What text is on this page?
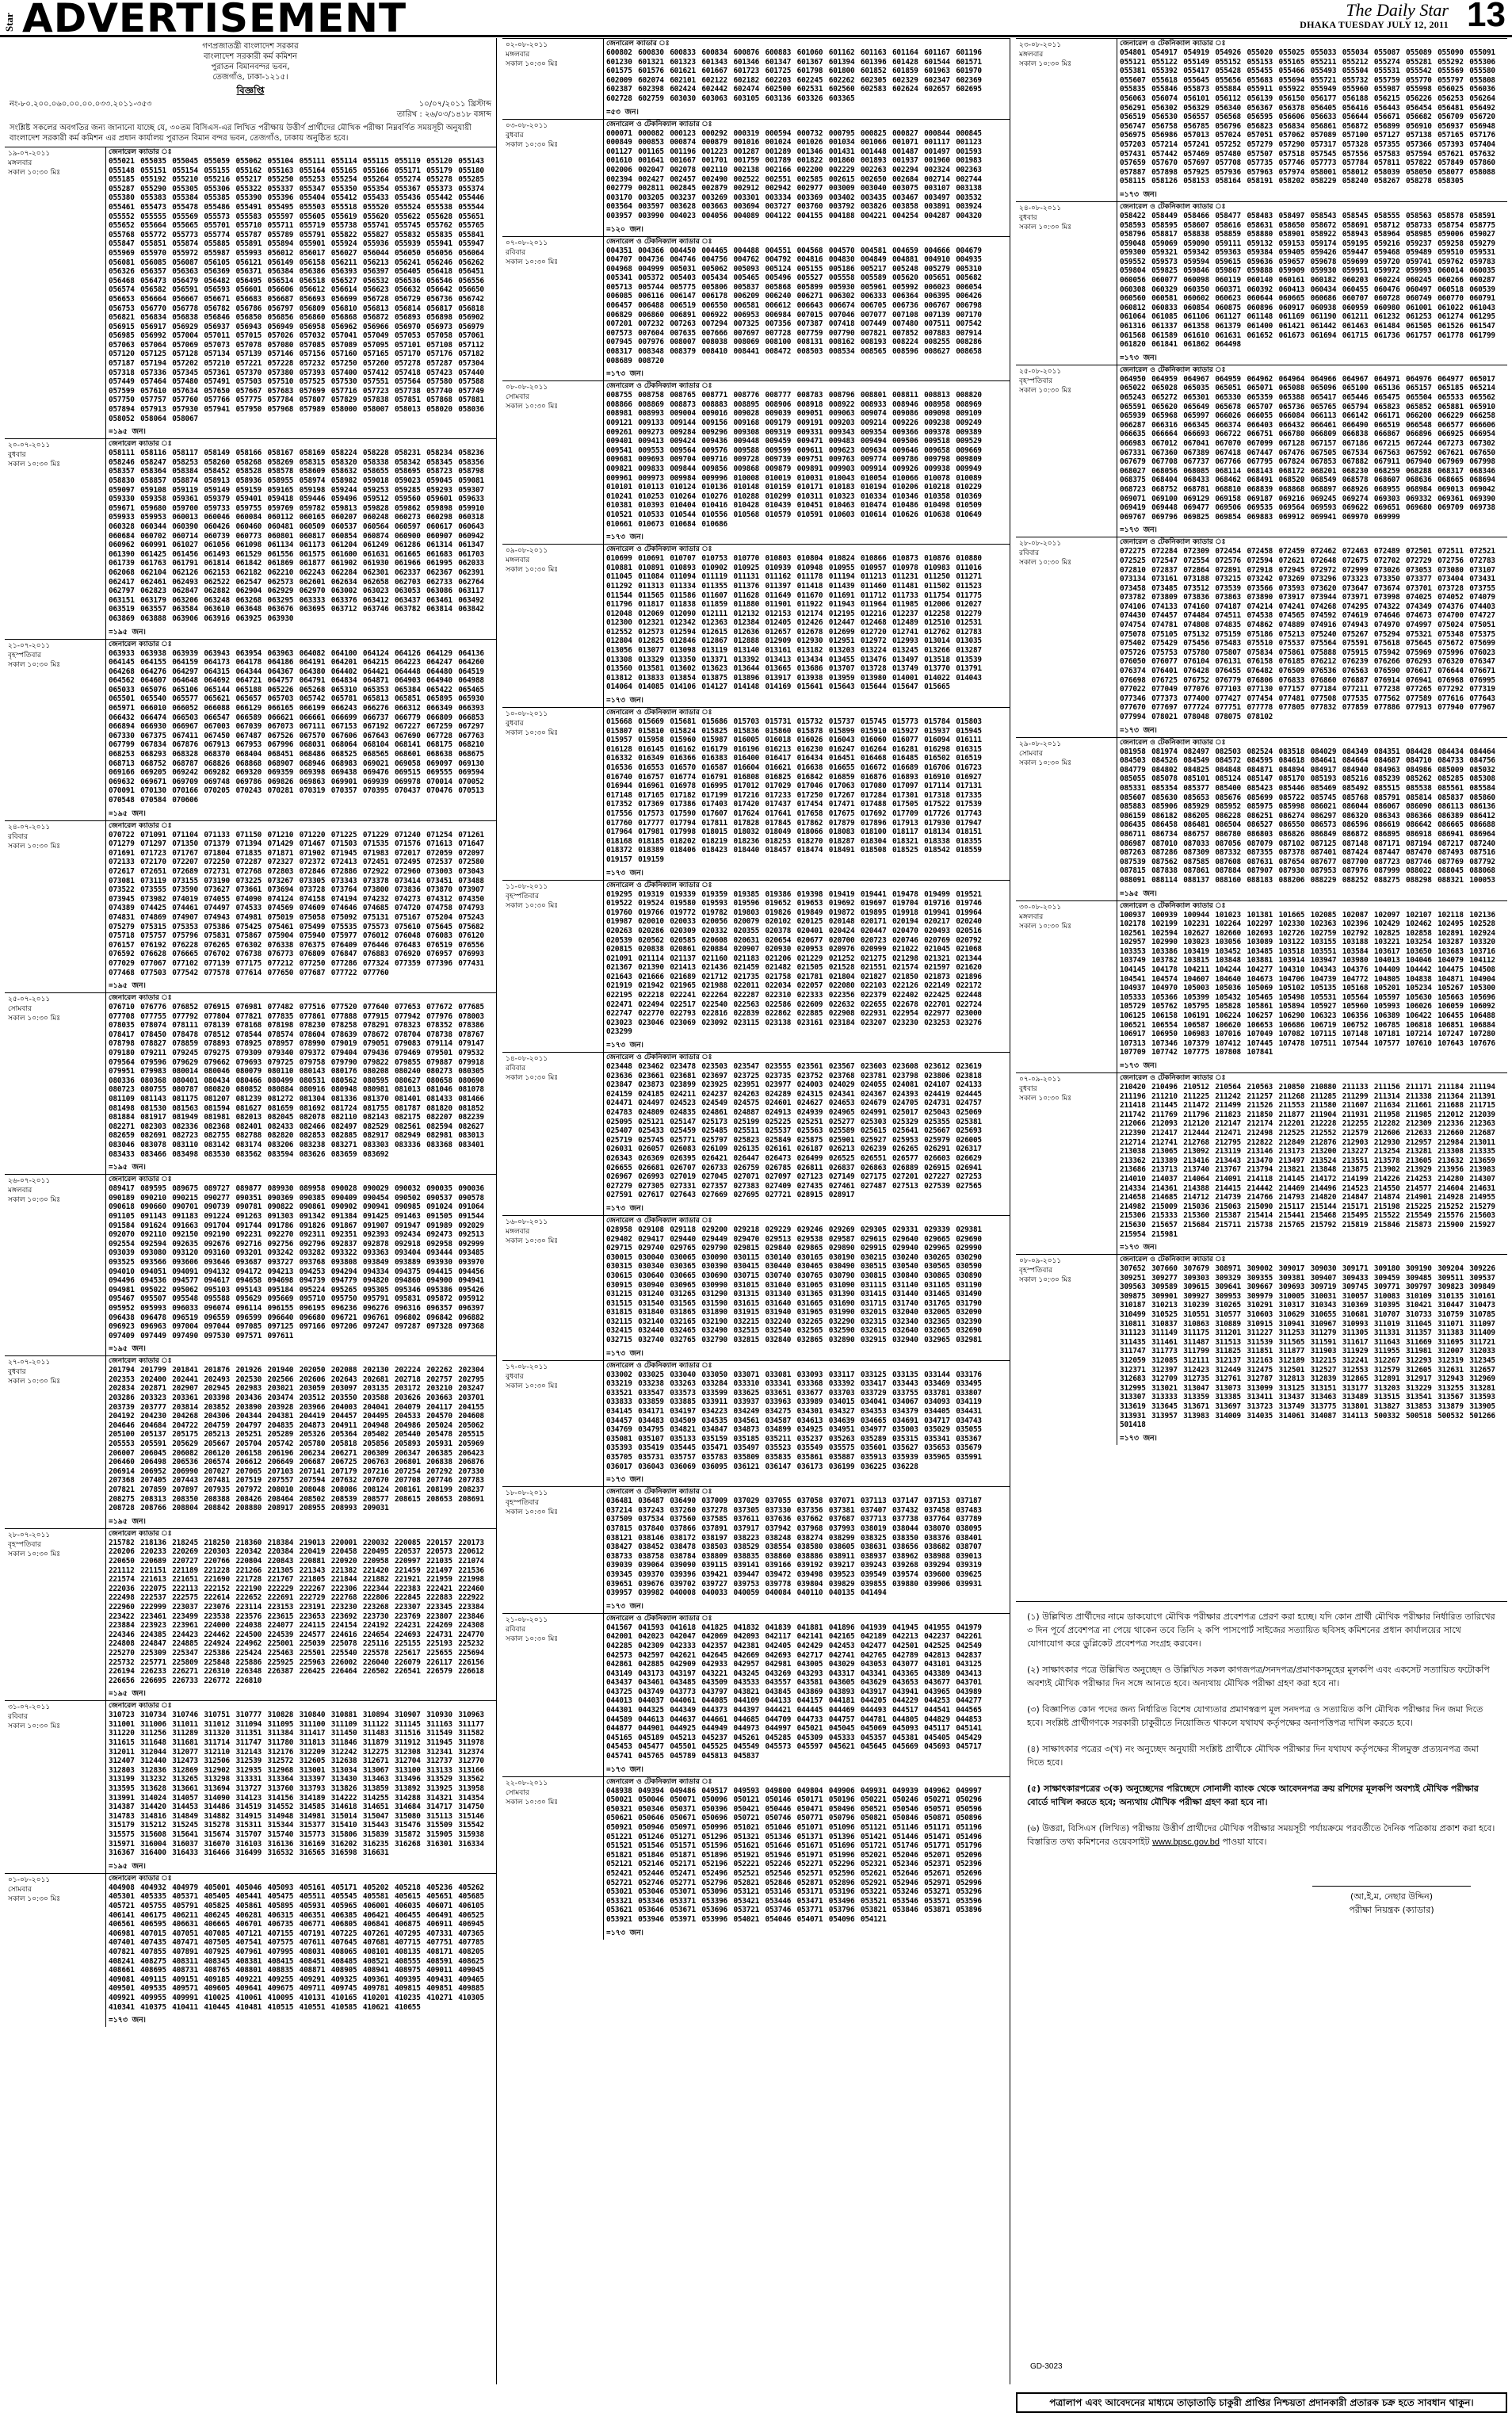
Star ADVERTISEMENT	The Daily Star
DHAKA TUESDAY JULY 12, 2011 13
গণপ্রজাতন্ত্রী বাংলাদেশ সরকার
বাংলাদেশ সরকারী কর্ম কমিশন
পুরাতন বিমানবন্দর ভবন,
তেজগাঁও, ঢাকা-১২১৫।
বিজ্ঞপ্তি
নং-৮০.২০০.০৬০.০০.০০.০৩৩.২০১১-৩৫৩	১০/০৭/২০১১ খ্রিস্টাব্দ
তারিখ : ২৬/০৩/১৪১৮ বঙ্গাব্দ
সংশ্লিষ্ট সকলের অবগতির জন্য জানানো যাচ্ছে যে, ৩০তম বিসিএস-এর লিখিত পরীক্ষায় উত্তীর্ণ প্রার্থীদের মৌখিক পরীক্ষা নিম্নবর্ণিত সময়সূচী অনুযায়ী বাংলাদেশ সরকারী কর্ম কমিশন এর প্রধান কার্যালয় পুরাতন বিমান বন্দর ভবন, তেজগাঁও, ঢাকায় অনুষ্ঠিত হবে।
১৯-০৭-২০১১
মঙ্গলবার
সকাল ১০:৩০ মিঃ
জেনারেল ক্যাডার ঃ
055021 055035 055045 055059 055062 055104 055111 055114 055115 055119 055120 055143 055148 055151 055154 055155 055162 055163 055164 055165 055166 055171 055179 055180 055185 055192 055210 055216 055217 055250 055253 055254 055264 055274 055278 055285 055287 055290 055305 055306 055322 055337 055347 055350 055354 055367 055373 055374 055380 055383 055384 055385 055390 055396 055404 055412 055433 055436 055442 055446 055461 055473 055478 055486 055491 055495 055503 055518 055520 055524 055538 055544 055552 055555 055569 055573 055583 055597 055605 055619 055620 055622 055628 055651 055652 055664 055665 055701 055710 055711 055719 055738 055741 055745 055762 055765 055768 055772 055773 055774 055787 055789 055791 055822 055827 055832 055835 055841 055847 055851 055874 055885 055891 055894 055901 055924 055936 055939 055941 055947 055969 055970 055972 055987 055993 056012 056017 056027 056044 056050 056056 056064 056081 056085 056087 056105 056121 056149 056158 056211 056213 056241 056246 056262 056326 056357 056363 056369 056371 056384 056386 056393 056397 056405 056418 056451 056468 056473 056479 056482 056495 056514 056518 056527 056532 056536 056546 056556 056574 056582 056591 056593 056601 056606 056612 056614 056623 056632 056642 056650 056653 056664 056667 056671 056683 056687 056693 056699 056728 056729 056736 056742 056753 056770 056778 056782 056786 056797 056809 056810 056813 056814 056817 056818 056821 056834 056838 056846 056850 056856 056860 056868 056872 056893 056898 056902 056915 056917 056929 056937 056943 056949 056958 056962 056966 056970 056973 056979 056985 056992 057004 057011 057015 057026 057032 057041 057049 057053 057058 057061 057063 057064 057069 057073 057078 057080 057085 057089 057095 057101 057108 057112 057120 057125 057128 057134 057139 057146 057156 057160 057165 057170 057176 057182 057187 057194 057202 057210 057221 057228 057232 057250 057260 057278 057287 057304 057318 057336 057345 057361 057370 057380 057393 057400 057412 057418 057423 057440 057449 057464 057480 057491 057503 057510 057525 057530 057551 057564 057580 057588 057599 057610 057634 057650 057667 057683 057699 057716 057723 057738 057740 057749 057750 057757 057760 057766 057775 057784 057807 057829 057838 057851 057868 057881 057894 057913 057930 057941 057950 057968 057989 058000 058007 058013 058020 058036 058052 058064 058067
=১৯৫ জন।
২০-০৭-২০১১
বুধবার
সকাল ১০:৩০ মিঃ
জেনারেল ক্যাডার ঃ
058111 058116 058117 058149 058166 058167 058169 058224 058228 058231 058234 058236 058246 058247 058253 058260 058268 058269 058315 058320 058338 058342 058345 058356 058357 058364 058384 058452 058528 058578 058609 058632 058655 058695 058723 058798 058830 058857 058874 058913 058936 058955 058974 058982 059018 059023 059045 059081 059097 059108 059119 059149 059159 059165 059198 059244 059253 059285 059293 059307 059330 059358 059361 059379 059401 059418 059446 059496 059512 059560 059601 059633 059671 059680 059700 059733 059755 059769 059782 059813 059828 059862 059898 059910 059933 059953 060013 060046 060084 060112 060165 060207 060248 060273 060298 060318 060328 060344 060390 060426 060460 060481 060509 060537 060564 060597 060617 060643 060684 060702 060714 060739 060773 060801 060817 060854 060874 060900 060907 060942 060962 060991 061027 061056 061098 061134 061173 061204 061249 061286 061314 061347 061390 061425 061456 061493 061529 061556 061575 061600 061631 061665 061683 061703 061739 061763 061791 061814 061842 061869 061877 061902 061930 061966 061995 062033 062068 062104 062126 062153 062182 062210 062243 062284 062301 062337 062367 062391 062417 062461 062493 062522 062547 062573 062601 062634 062658 062703 062733 062764 062797 062823 062847 062882 062904 062929 062970 063002 063023 063053 063086 063117 063151 063179 063206 063248 063268 063295 063333 063376 063412 063437 063461 063492 063519 063557 063584 063610 063648 063676 063695 063712 063746 063782 063814 063842 063869 063888 063906 063916 063925 063930
=১৯৫ জন।
২১-০৭-২০১১
বৃহস্পতিবার
সকাল ১০:৩০ মিঃ
জেনারেল ক্যাডার ঃ
063933 063938 063939 063943 063954 063963 064082 064100 064124 064126 064129 064136 064145 064155 064159 064173 064178 064186 064191 064201 064215 064223 064247 064260 064268 064276 064297 064315 064344 064367 064380 064402 064421 064448 064480 064519 064562 064607 064648 064692 064721 064757 064791 064834 064871 064903 064940 064988 065033 065076 065106 065144 065188 065226 065268 065310 065353 065384 065422 065465 065501 065540 065577 065621 065657 065703 065742 065781 065813 065851 065895 065930 065971 066010 066052 066088 066129 066165 066199 066243 066276 066312 066349 066393 066432 066474 066503 066547 066589 066621 066661 066699 066737 066779 066809 066853 066894 066930 066967 067003 067039 067073 067111 067153 067192 067227 067259 067297 067330 067375 067411 067450 067487 067526 067570 067606 067643 067690 067728 067763 067799 067834 067876 067913 067953 067996 068031 068064 068104 068141 068175 068210 068253 068293 068328 068370 068404 068451 068486 068525 068565 068601 068638 068675 068713 068752 068787 068826 068868 068907 068946 068983 069021 069058 069097 069130 069166 069205 069242 069282 069320 069359 069398 069438 069476 069515 069555 069594 069632 069671 069709 069748 069786 069826 069863 069901 069939 069978 070014 070052 070091 070130 070166 070205 070243 070281 070319 070357 070395 070437 070476 070513 070548 070584 070606
=১৯৫ জন।
২৪-০৭-২০১১
রবিবার
সকাল ১০:৩০ মিঃ
জেনারেল ক্যাডার ঃ
070722 071091 071104 071133 071150 071210 071220 071225 071229 071240 071254 071261 071279 071297 071350 071379 071394 071429 071467 071503 071535 071576 071613 071647 071691 071723 071767 071804 071835 071871 071902 071945 071983 072017 072059 072097 072133 072170 072207 072250 072287 072327 072372 072413 072451 072495 072537 072580 072617 072651 072689 072731 072768 072803 072846 072886 072922 072960 073003 073043 073081 073119 073155 073190 073225 073267 073305 073343 073378 073414 073451 073488 073522 073555 073590 073627 073661 073694 073728 073764 073800 073836 073870 073907 073945 073982 074019 074055 074090 074124 074158 074194 074232 074273 074312 074350 074389 074425 074461 074497 074533 074569 074609 074646 074685 074720 074758 074793 074831 074869 074907 074943 074981 075019 075058 075092 075131 075167 075204 075243 075279 075315 075353 075386 075425 075461 075499 075535 075573 075610 075645 075682 075718 075757 075796 075831 075867 075904 075940 075977 076012 076048 076083 076120 076157 076192 076228 076265 076302 076338 076375 076409 076446 076483 076519 076556 076592 076628 076665 076702 076738 076773 076809 076847 076883 076920 076957 076993 077029 077067 077102 077139 077175 077212 077250 077286 077324 077359 077396 077431 077468 077503 077542 077578 077614 077650 077687 077722 077760
=১৯৫ জন।
২৫-০৭-২০১১
সোমবার
সকাল ১০:৩০ মিঃ
জেনারেল ক্যাডার ঃ
076710 076776 076852 076915 076981 077482 077516 077520 077640 077653 077672 077685 077708 077755 077792 077804 077821 077835 077861 077888 077915 077942 077976 078003 078035 078074 078111 078139 078168 078198 078230 078258 078291 078323 078352 078386 078417 078450 078478 078512 078544 078574 078604 078639 078672 078704 078738 078767 078798 078827 078859 078893 078925 078957 078990 079019 079051 079083 079114 079147 079180 079211 079245 079275 079309 079340 079372 079404 079436 079469 079501 079532 079564 079596 079629 079662 079693 079725 079758 079790 079822 079855 079887 079918 079951 079983 080014 080046 080079 080110 080143 080176 080208 080240 080273 080305 080336 080368 080401 080434 080466 080499 080531 080562 080595 080627 080658 080690 080723 080755 080787 080820 080852 080884 080916 080948 080981 081013 081046 081078 081109 081143 081175 081207 081239 081272 081304 081336 081370 081401 081433 081466 081498 081530 081563 081594 081627 081659 081692 081724 081755 081787 081820 081852 081884 081917 081949 081981 082013 082045 082078 082110 082143 082175 082207 082239 082271 082303 082336 082368 082401 082433 082466 082497 082529 082561 082594 082627 082659 082691 082723 082755 082788 082820 082853 082885 082917 082949 082981 083013 083046 083078 083110 083142 083174 083206 083238 083271 083303 083336 083368 083401 083433 083466 083498 083530 083562 083594 083626 083659 083692
=১৯৫ জন।
২৬-০৭-২০১১
মঙ্গলবার
সকাল ১০:৩০ মিঃ
জেনারেল ক্যাডার ঃ
089417 089595 089675 089727 089877 089930 089958 090028 090029 090032 090035 090036 090189 090210 090215 090277 090351 090369 090385 090409 090454 090502 090537 090578 090618 090660 090701 090739 090781 090822 090861 090902 090941 090985 091024 091064 091105 091143 091183 091224 091263 091303 091342 091384 091425 091463 091505 091544 091584 091624 091663 091704 091744 091786 091826 091867 091907 091947 091989 092029 092070 092110 092150 092190 092231 092270 092311 092351 092393 092434 092473 092513 092554 092594 092635 092676 092716 092756 092796 092837 092878 092918 092958 092999 093039 093080 093120 093160 093201 093242 093282 093322 093363 093404 093444 093485 093525 093566 093606 093646 093687 093727 093768 093808 093849 093889 093930 093970 094010 094051 094091 094132 094172 094213 094253 094294 094334 094375 094415 094456 094496 094536 094577 094617 094658 094698 094739 094779 094820 094860 094900 094941 094981 095022 095062 095103 095143 095184 095224 095265 095305 095346 095386 095426 095467 095507 095548 095588 095629 095669 095710 095750 095791 095831 095872 095912 095952 095993 096033 096074 096114 096155 096195 096236 096276 096316 096357 096397 096438 096478 096519 096559 096599 096640 096680 096721 096761 096802 096842 096882 096923 096963 097004 097044 097085 097125 097166 097206 097247 097287 097328 097368 097409 097449 097490 097530 097571 097611
=১৯৫ জন।
২৭-০৭-২০১১
বুধবার
সকাল ১০:৩০ মিঃ
জেনারেল ক্যাডার ঃ
201794 201799 201841 201876 201926 201940 202050 202088 202130 202224 202262 202304 202353 202400 202441 202493 202530 202566 202606 202643 202681 202718 202757 202795 202834 202871 202907 202945 202983 203021 203059 203097 203135 203172 203210 203247 203286 203323 203361 203398 203436 203474 203512 203550 203588 203626 203663 203701 203739 203777 203814 203852 203890 203928 203966 204003 204041 204079 204117 204155 204192 204230 204268 204306 204344 204381 204419 204457 204495 204533 204570 204608 204646 204684 204722 204759 204797 204835 204873 204911 204948 204986 205024 205062 205100 205137 205175 205213 205251 205289 205326 205364 205402 205440 205478 205515 205553 205591 205629 205667 205704 205742 205780 205818 205856 205893 205931 205969 206007 206045 206082 206120 206158 206196 206234 206271 206309 206347 206385 206423 206460 206498 206536 206574 206612 206649 206687 206725 206763 206801 206838 206876 206914 206952 206990 207027 207065 207103 207141 207179 207216 207254 207292 207330 207368 207405 207443 207481 207519 207557 207594 207632 207670 207708 207746 207783 207821 207859 207897 207935 207972 208010 208048 208086 208124 208161 208199 208237 208275 208313 208350 208388 208426 208464 208502 208539 208577 208615 208653 208691 208728 208766 208804 208842 208880 208917 208955 208993 209031
=১৯৫ জন।
২৮-০৭-২০১১
বৃহস্পতিবার
সকাল ১০:৩০ মিঃ
জেনারেল ক্যাডার ঃ
215782 218136 218245 218250 218360 218384 219013 220001 220032 220085 220157 220173 220206 220233 220269 220303 220342 220384 220419 220458 220495 220537 220573 220612 220650 220689 220727 220766 220804 220843 220881 220920 220958 220997 221035 221074 221112 221151 221189 221228 221266 221305 221343 221382 221420 221459 221497 221536 221574 221613 221651 221690 221728 221767 221805 221844 221882 221921 221959 221998 222036 222075 222113 222152 222190 222229 222267 222306 222344 222383 222421 222460 222498 222537 222575 222614 222652 222691 222729 222768 222806 222845 222883 222922 222960 222999 223037 223076 223114 223153 223191 223230 223268 223307 223345 223384 223422 223461 223499 223538 223576 223615 223653 223692 223730 223769 223807 223846 223884 223923 223961 224000 224038 224077 224115 224154 224192 224231 224269 224308 224346 224385 224423 224462 224500 224539 224577 224616 224654 224693 224731 224770 224808 224847 224885 224924 224962 225001 225039 225078 225116 225155 225193 225232 225270 225309 225347 225386 225424 225463 225501 225540 225578 225617 225655 225694 225732 225771 225809 225848 225886 225925 225963 226002 226040 226079 226117 226156 226194 226233 226271 226310 226348 226387 226425 226464 226502 226541 226579 226618 226656 226695 226733 226772 226810
=১৯৫ জন।
৩১-০৭-২০১১
রবিবার
সকাল ১০:৩০ মিঃ
জেনারেল ক্যাডার ঃ
310723 310734 310746 310751 310777 310828 310840 310881 310894 310907 310930 310963 311001 311006 311011 311012 311094 311095 311100 311109 311122 311145 311163 311177 311220 311256 311289 311320 311351 311384 311417 311450 311483 311516 311549 311582 311615 311648 311681 311714 311747 311780 311813 311846 311879 311912 311945 311978 312011 312044 312077 312110 312143 312176 312209 312242 312275 312308 312341 312374 312407 312440 312473 312506 312539 312572 312605 312638 312671 312704 312737 312770 312803 312836 312869 312902 312935 312968 313001 313034 313067 313100 313133 313166 313199 313232 313265 313298 313331 313364 313397 313430 313463 313496 313529 313562 313595 313628 313661 313694 313727 313760 313793 313826 313859 313892 313925 313958 313991 314024 314057 314090 314123 314156 314189 314222 314255 314288 314321 314354 314387 314420 314453 314486 314519 314552 314585 314618 314651 314684 314717 314750 314783 314816 314849 314882 314915 314948 314981 315014 315047 315080 315113 315146 315179 315212 315245 315278 315311 315344 315377 315410 315443 315476 315509 315542 315575 315608 315641 315674 315707 315740 315773 315806 315839 315872 315905 315938 315971 316004 316037 316070 316103 316136 316169 316202 316235 316268 316301 316334 316367 316400 316433 316466 316499 316532 316565 316598 316631
=১৯৫ জন।
০১-০৮-২০১১
সোমবার
সকাল ১০:৩০ মিঃ
জেনারেল ক্যাডার ঃ
404908 404932 404979 405001 405046 405093 405161 405171 405202 405218 405236 405262 405301 405335 405371 405405 405441 405475 405511 405545 405581 405615 405651 405685 405721 405755 405791 405825 405861 405895 405931 405965 406001 406035 406071 406105 406141 406175 406211 406245 406281 406315 406351 406385 406421 406455 406491 406525 406561 406595 406631 406665 406701 406735 406771 406805 406841 406875 406911 406945 406981 407015 407051 407085 407121 407155 407191 407225 407261 407295 407331 407365 407401 407435 407471 407505 407541 407575 407611 407645 407681 407715 407751 407785 407821 407855 407891 407925 407961 407995 408031 408065 408101 408135 408171 408205 408241 408275 408311 408345 408381 408415 408451 408485 408521 408555 408591 408625 408661 408695 408731 408765 408801 408835 408871 408905 408941 408975 409011 409045 409081 409115 409151 409185 409221 409255 409291 409325 409361 409395 409431 409465 409501 409535 409571 409605 409641 409675 409711 409745 409781 409815 409851 409885 409921 409955 409991 410025 410061 410095 410131 410165 410201 410235 410271 410305 410341 410375 410411 410445 410481 410515 410551 410585 410621 410655
=১৭৩ জন।
০২-০৮-২০১১
মঙ্গলবার
সকাল ১০:৩০ মিঃ
জেনারেল ক্যাডার ঃ
600802 600830 600833 600834 600876 600883 601060 601162 601163 601164 601167 601196 601230 601321 601323 601343 601346 601347 601367 601394 601396 601428 601544 601571 601575 601576 601621 601667 601723 601725 601798 601800 601852 601859 601963 601970 602009 602074 602101 602122 602182 602203 602245 602262 602305 602329 602347 602369 602387 602398 602424 602442 602474 602500 602531 602560 602583 602624 602657 602695 602728 602759 603030 603063 603105 603136 603326 603365
=৫৩ জন।
০৩-০৮-২০১১
বুধবার
সকাল ১০:৩০ মিঃ
জেনারেল ও টেকনিক্যাল ক্যাডার ঃ
000071 000082 000123 000292 000319 000594 000732 000795 000825 000827 000844 000845 000849 000853 000874 000879 001016 001024 001026 001034 001066 001071 001117 001123 001127 001165 001196 001223 001287 001289 001346 001431 001448 001487 001497 001593 001610 001641 001667 001701 001759 001789 001822 001860 001893 001937 001960 001983 002006 002047 002078 002110 002138 002166 002200 002229 002263 002294 002324 002363 002394 002427 002457 002490 002522 002551 002585 002615 002650 002684 002714 002744 002779 002811 002845 002879 002912 002942 002977 003009 003040 003075 003107 003138 003170 003205 003237 003269 003301 003334 003369 003402 003435 003467 003497 003532 003564 003597 003628 003663 003694 003727 003760 003792 003826 003858 003891 003924 003957 003990 004023 004056 004089 004122 004155 004188 004221 004254 004287 004320
=১২০ জন।
০৭-০৮-২০১১
রবিবার
সকাল ১০:৩০ মিঃ
জেনারেল ও টেকনিক্যাল ক্যাডার ঃ
004351 004366 004450 004465 004488 004551 004568 004570 004581 004659 004666 004679 004707 004736 004746 004756 004762 004792 004816 004830 004849 004881 004910 004935 004968 004999 005031 005062 005093 005124 005155 005186 005217 005248 005279 005310 005341 005372 005403 005434 005465 005496 005527 005558 005589 005620 005651 005682 005713 005744 005775 005806 005837 005868 005899 005930 005961 005992 006023 006054 006085 006116 006147 006178 006209 006240 006271 006302 006333 006364 006395 006426 006457 006488 006519 006550 006581 006612 006643 006674 006705 006736 006767 006798 006829 006860 006891 006922 006953 006984 007015 007046 007077 007108 007139 007170 007201 007232 007263 007294 007325 007356 007387 007418 007449 007480 007511 007542 007573 007604 007635 007666 007697 007728 007759 007790 007821 007852 007883 007914 007945 007976 008007 008038 008069 008100 008131 008162 008193 008224 008255 008286 008317 008348 008379 008410 008441 008472 008503 008534 008565 008596 008627 008658 008689 008720
=১৭৩ জন।
০৮-০৮-২০১১
সোমবার
সকাল ১০:৩০ মিঃ
জেনারেল ও টেকনিক্যাল ক্যাডার ঃ
008755 008758 008765 008771 008776 008777 008783 008796 008801 008811 008813 008820 008866 008869 008873 008883 008895 008906 008918 008922 008933 008946 008958 008969 008981 008993 009004 009016 009028 009039 009051 009063 009074 009086 009098 009109 009121 009133 009144 009156 009168 009179 009191 009203 009214 009226 009238 009249 009261 009273 009284 009296 009308 009319 009331 009343 009354 009366 009378 009389 009401 009413 009424 009436 009448 009459 009471 009483 009494 009506 009518 009529 009541 009553 009564 009576 009588 009599 009611 009623 009634 009646 009658 009669 009681 009693 009704 009716 009728 009739 009751 009763 009774 009786 009798 009809 009821 009833 009844 009856 009868 009879 009891 009903 009914 009926 009938 009949 009961 009973 009984 009996 010008 010019 010031 010043 010054 010066 010078 010089 010101 010113 010124 010136 010148 010159 010171 010183 010194 010206 010218 010229 010241 010253 010264 010276 010288 010299 010311 010323 010334 010346 010358 010369 010381 010393 010404 010416 010428 010439 010451 010463 010474 010486 010498 010509 010521 010533 010544 010556 010568 010579 010591 010603 010614 010626 010638 010649 010661 010673 010684 010686
=১৭৩ জন।
০৯-০৮-২০১১
মঙ্গলবার
সকাল ১০:৩০ মিঃ
জেনারেল ও টেকনিক্যাল ক্যাডার ঃ
010699 010691 010707 010753 010770 010803 010804 010824 010866 010873 010876 010880 010881 010891 010893 010902 010925 010939 010948 010955 010957 010978 010983 011016 011045 011084 011094 011119 011131 011162 011178 011194 011213 011231 011250 011271 011292 011313 011334 011355 011376 011397 011418 011439 011460 011481 011502 011523 011544 011565 011586 011607 011628 011649 011670 011691 011712 011733 011754 011775 011796 011817 011838 011859 011880 011901 011922 011943 011964 011985 012006 012027 012048 012069 012090 012111 012132 012153 012174 012195 012216 012237 012258 012279 012300 012321 012342 012363 012384 012405 012426 012447 012468 012489 012510 012531 012552 012573 012594 012615 012636 012657 012678 012699 012720 012741 012762 012783 012804 012825 012846 012867 012888 012909 012930 012951 012972 012993 013014 013035 013056 013077 013098 013119 013140 013161 013182 013203 013224 013245 013266 013287 013308 013329 013350 013371 013392 013413 013434 013455 013476 013497 013518 013539 013560 013581 013602 013623 013644 013665 013686 013707 013728 013749 013770 013791 013812 013833 013854 013875 013896 013917 013938 013959 013980 014001 014022 014043 014064 014085 014106 014127 014148 014169 015641 015643 015644 015647 015665
=১৭৩ জন।
১০-০৮-২০১১
বুধবার
সকাল ১০:৩০ মিঃ
জেনারেল ও টেকনিক্যাল ক্যাডার ঃ
015668 015669 015681 015686 015703 015731 015732 015737 015745 015773 015784 015803 015807 015810 015824 015825 015836 015860 015878 015899 015910 015927 015937 015945 015957 015958 015960 015987 016005 016018 016026 016043 016060 016077 016094 016111 016128 016145 016162 016179 016196 016213 016230 016247 016264 016281 016298 016315 016332 016349 016366 016383 016400 016417 016434 016451 016468 016485 016502 016519 016536 016553 016570 016587 016604 016621 016638 016655 016672 016689 016706 016723 016740 016757 016774 016791 016808 016825 016842 016859 016876 016893 016910 016927 016944 016961 016978 016995 017012 017029 017046 017063 017080 017097 017114 017131 017148 017165 017182 017199 017216 017233 017250 017267 017284 017301 017318 017335 017352 017369 017386 017403 017420 017437 017454 017471 017488 017505 017522 017539 017556 017573 017590 017607 017624 017641 017658 017675 017692 017709 017726 017743 017760 017777 017794 017811 017828 017845 017862 017879 017896 017913 017930 017947 017964 017981 017998 018015 018032 018049 018066 018083 018100 018117 018134 018151 018168 018185 018202 018219 018236 018253 018270 018287 018304 018321 018338 018355 018372 018389 018406 018423 018440 018457 018474 018491 018508 018525 018542 018559 019157 019159
=১৭৩ জন।
১১-০৮-২০১১
বৃহস্পতিবার
সকাল ১০:৩০ মিঃ
জেনারেল ও টেকনিক্যাল ক্যাডার ঃ
019295 019319 019339 019359 019385 019386 019398 019419 019441 019478 019499 019521 019522 019524 019580 019593 019596 019652 019653 019692 019697 019704 019716 019746 019760 019766 019772 019782 019803 019826 019849 019872 019895 019918 019941 019964 019987 020010 020033 020056 020079 020102 020125 020148 020171 020194 020217 020240 020263 020286 020309 020332 020355 020378 020401 020424 020447 020470 020493 020516 020539 020562 020585 020608 020631 020654 020677 020700 020723 020746 020769 020792 020815 020838 020861 020884 020907 020930 020953 020976 020999 021022 021045 021068 021091 021114 021137 021160 021183 021206 021229 021252 021275 021298 021321 021344 021367 021390 021413 021436 021459 021482 021505 021528 021551 021574 021597 021620 021643 021666 021689 021712 021735 021758 021781 021804 021827 021850 021873 021896 021919 021942 021965 021988 022011 022034 022057 022080 022103 022126 022149 022172 022195 022218 022241 022264 022287 022310 022333 022356 022379 022402 022425 022448 022471 022494 022517 022540 022563 022586 022609 022632 022655 022678 022701 022724 022747 022770 022793 022816 022839 022862 022885 022908 022931 022954 022977 023000 023023 023046 023069 023092 023115 023138 023161 023184 023207 023230 023253 023276 023299
=১৭৩ জন।
১৪-০৮-২০১১
রবিবার
সকাল ১০:৩০ মিঃ
জেনারেল ও টেকনিক্যাল ক্যাডার ঃ
023448 023462 023478 023503 023547 023555 023561 023567 023603 023608 023612 023619 023636 023661 023681 023697 023725 023735 023752 023768 023781 023798 023806 023818 023847 023873 023899 023925 023951 023977 024003 024029 024055 024081 024107 024133 024159 024185 024211 024237 024263 024289 024315 024341 024367 024393 024419 024445 024471 024497 024523 024549 024575 024601 024627 024653 024679 024705 024731 024757 024783 024809 024835 024861 024887 024913 024939 024965 024991 025017 025043 025069 025095 025121 025147 025173 025199 025225 025251 025277 025303 025329 025355 025381 025407 025433 025459 025485 025511 025537 025563 025589 025615 025641 025667 025693 025719 025745 025771 025797 025823 025849 025875 025901 025927 025953 025979 026005 026031 026057 026083 026109 026135 026161 026187 026213 026239 026265 026291 026317 026343 026369 026395 026421 026447 026473 026499 026525 026551 026577 026603 026629 026655 026681 026707 026733 026759 026785 026811 026837 026863 026889 026915 026941 026967 026993 027019 027045 027071 027097 027123 027149 027175 027201 027227 027253 027279 027305 027331 027357 027383 027409 027435 027461 027487 027513 027539 027565 027591 027617 027643 027669 027695 027721 028915 028917
=১৭৩ জন।
১৬-০৮-২০১১
মঙ্গলবার
সকাল ১০:৩০ মিঃ
জেনারেল ও টেকনিক্যাল ক্যাডার ঃ
028958 029108 029118 029200 029218 029229 029246 029269 029305 029331 029339 029381 029402 029417 029440 029449 029470 029513 029538 029587 029615 029640 029665 029690 029715 029740 029765 029790 029815 029840 029865 029890 029915 029940 029965 029990 030015 030040 030065 030090 030115 030140 030165 030190 030215 030240 030265 030290 030315 030340 030365 030390 030415 030440 030465 030490 030515 030540 030565 030590 030615 030640 030665 030690 030715 030740 030765 030790 030815 030840 030865 030890 030915 030940 030965 030990 031015 031040 031065 031090 031115 031140 031165 031190 031215 031240 031265 031290 031315 031340 031365 031390 031415 031440 031465 031490 031515 031540 031565 031590 031615 031640 031665 031690 031715 031740 031765 031790 031815 031840 031865 031890 031915 031940 031965 031990 032015 032040 032065 032090 032115 032140 032165 032190 032215 032240 032265 032290 032315 032340 032365 032390 032415 032440 032465 032490 032515 032540 032565 032590 032615 032640 032665 032690 032715 032740 032765 032790 032815 032840 032865 032890 032915 032940 032965 032981
=১৭৩ জন।
১৭-০৮-২০১১
বুধবার
সকাল ১০:৩০ মিঃ
জেনারেল ও টেকনিক্যাল ক্যাডার ঃ
033002 033025 033040 033050 033071 033081 033093 033117 033125 033135 033144 033176 033219 033238 033263 033284 033310 033341 033368 033392 033417 033443 033469 033495 033521 033547 033573 033599 033625 033651 033677 033703 033729 033755 033781 033807 033833 033859 033885 033911 033937 033963 033989 034015 034041 034067 034093 034119 034145 034171 034197 034223 034249 034275 034301 034327 034353 034379 034405 034431 034457 034483 034509 034535 034561 034587 034613 034639 034665 034691 034717 034743 034769 034795 034821 034847 034873 034899 034925 034951 034977 035003 035029 035055 035081 035107 035133 035159 035185 035211 035237 035263 035289 035315 035341 035367 035393 035419 035445 035471 035497 035523 035549 035575 035601 035627 035653 035679 035705 035731 035757 035783 035809 035835 035861 035887 035913 035939 035965 035991 036017 036043 036069 036095 036121 036147 036173 036199 036225 036228
=১৭৩ জন।
১৮-০৮-২০১১
বৃহস্পতিবার
সকাল ১০:৩০ মিঃ
জেনারেল ও টেকনিক্যাল ক্যাডার ঃ
036481 036487 036490 037009 037029 037055 037058 037071 037113 037147 037153 037187 037214 037243 037260 037278 037305 037330 037356 037381 037407 037432 037458 037483 037509 037534 037560 037585 037611 037636 037662 037687 037713 037738 037764 037789 037815 037840 037866 037891 037917 037942 037968 037993 038019 038044 038070 038095 038121 038146 038172 038197 038223 038248 038274 038299 038325 038350 038376 038401 038427 038452 038478 038503 038529 038554 038580 038605 038631 038656 038682 038707 038733 038758 038784 038809 038835 038860 038886 038911 038937 038962 038988 039013 039039 039064 039090 039115 039141 039166 039192 039217 039243 039268 039294 039319 039345 039370 039396 039421 039447 039472 039498 039523 039549 039574 039600 039625 039651 039676 039702 039727 039753 039778 039804 039829 039855 039880 039906 039931 039957 039982 040008 040033 040059 040084 040110 040135 041494
=১৭৩ জন।
২১-০৮-২০১১
রবিবার
সকাল ১০:৩০ মিঃ
জেনারেল ও টেকনিক্যাল ক্যাডার ঃ
041567 041593 041618 041825 041832 041839 041881 041896 041939 041945 041955 041979 042001 042023 042047 042069 042093 042117 042141 042165 042189 042213 042237 042261 042285 042309 042333 042357 042381 042405 042429 042453 042477 042501 042525 042549 042573 042597 042621 042645 042669 042693 042717 042741 042765 042789 042813 042837 042861 042885 042909 042933 042957 042981 043005 043029 043053 043077 043101 043125 043149 043173 043197 043221 043245 043269 043293 043317 043341 043365 043389 043413 043437 043461 043485 043509 043533 043557 043581 043605 043629 043653 043677 043701 043725 043749 043773 043797 043821 043845 043869 043893 043917 043941 043965 043989 044013 044037 044061 044085 044109 044133 044157 044181 044205 044229 044253 044277 044301 044325 044349 044373 044397 044421 044445 044469 044493 044517 044541 044565 044589 044613 044637 044661 044685 044709 044733 044757 044781 044805 044829 044853 044877 044901 044925 044949 044973 044997 045021 045045 045069 045093 045117 045141 045165 045189 045213 045237 045261 045285 045309 045333 045357 045381 045405 045429 045453 045477 045501 045525 045549 045573 045597 045621 045645 045669 045693 045717 045741 045765 045789 045813 045837
=১৭৩ জন।
২২-০৮-২০১১
সোমবার
সকাল ১০:৩০ মিঃ
জেনারেল ও টেকনিক্যাল ক্যাডার ঃ
048938 049394 049486 049517 049593 049800 049804 049906 049931 049939 049962 049997 050021 050046 050071 050096 050121 050146 050171 050196 050221 050246 050271 050296 050321 050346 050371 050396 050421 050446 050471 050496 050521 050546 050571 050596 050621 050646 050671 050696 050721 050746 050771 050796 050821 050846 050871 050896 050921 050946 050971 050996 051021 051046 051071 051096 051121 051146 051171 051196 051221 051246 051271 051296 051321 051346 051371 051396 051421 051446 051471 051496 051521 051546 051571 051596 051621 051646 051671 051696 051721 051746 051771 051796 051821 051846 051871 051896 051921 051946 051971 051996 052021 052046 052071 052096 052121 052146 052171 052196 052221 052246 052271 052296 052321 052346 052371 052396 052421 052446 052471 052496 052521 052546 052571 052596 052621 052646 052671 052696 052721 052746 052771 052796 052821 052846 052871 052896 052921 052946 052971 052996 053021 053046 053071 053096 053121 053146 053171 053196 053221 053246 053271 053296 053321 053346 053371 053396 053421 053446 053471 053496 053521 053546 053571 053596 053621 053646 053671 053696 053721 053746 053771 053796 053821 053846 053871 053896 053921 053946 053971 053996 054021 054046 054071 054096 054121
=১৭৩ জন।
২৩-০৮-২০১১
মঙ্গলবার
সকাল ১০:৩০ মিঃ
জেনারেল ও টেকনিক্যাল ক্যাডার ঃ
054801 054917 054919 054926 055020 055025 055033 055034 055087 055089 055090 055091 055121 055122 055149 055152 055153 055165 055211 055212 055274 055281 055292 055306 055381 055392 055417 055428 055455 055466 055493 055504 055531 055542 055569 055580 055607 055618 055645 055656 055683 055694 055721 055732 055759 055770 055797 055808 055835 055846 055873 055884 055911 055922 055949 055960 055987 055998 056025 056036 056063 056074 056101 056112 056139 056150 056177 056188 056215 056226 056253 056264 056291 056302 056329 056340 056367 056378 056405 056416 056443 056454 056481 056492 056519 056530 056557 056568 056595 056606 056633 056644 056671 056682 056709 056720 056747 056758 056785 056796 056823 056834 056861 056872 056899 056910 056937 056948 056975 056986 057013 057024 057051 057062 057089 057100 057127 057138 057165 057176 057203 057214 057241 057252 057279 057290 057317 057328 057355 057366 057393 057404 057431 057442 057469 057480 057507 057518 057545 057556 057583 057594 057621 057632 057659 057670 057697 057708 057735 057746 057773 057784 057811 057822 057849 057860 057887 057898 057925 057936 057963 057974 058001 058012 058039 058050 058077 058088 058115 058126 058153 058164 058191 058202 058229 058240 058267 058278 058305
=১৭৩ জন।
২৪-০৮-২০১১
বুধবার
সকাল ১০:৩০ মিঃ
জেনারেল ও টেকনিক্যাল ক্যাডার ঃ
058422 058449 058466 058477 058483 058497 058543 058545 058555 058563 058578 058591 058593 058595 058607 058616 058631 058650 058672 058691 058712 058733 058754 058775 058796 058817 058838 058859 058880 058901 058922 058943 058964 058985 059006 059027 059048 059069 059090 059111 059132 059153 059174 059195 059216 059237 059258 059279 059300 059321 059342 059363 059384 059405 059426 059447 059468 059489 059510 059531 059552 059573 059594 059615 059636 059657 059678 059699 059720 059741 059762 059783 059804 059825 059846 059867 059888 059909 059930 059951 059972 059993 060014 060035 060056 060077 060098 060119 060140 060161 060182 060203 060224 060245 060266 060287 060308 060329 060350 060371 060392 060413 060434 060455 060476 060497 060518 060539 060560 060581 060602 060623 060644 060665 060686 060707 060728 060749 060770 060791 060812 060833 060854 060875 060896 060917 060938 060959 060980 061001 061022 061043 061064 061085 061106 061127 061148 061169 061190 061211 061232 061253 061274 061295 061316 061337 061358 061379 061400 061421 061442 061463 061484 061505 061526 061547 061568 061589 061610 061631 061652 061673 061694 061715 061736 061757 061778 061799 061820 061841 061862 064498
=১৭৩ জন।
২৫-০৮-২০১১
বৃহস্পতিবার
সকাল ১০:৩০ মিঃ
জেনারেল ও টেকনিক্যাল ক্যাডার ঃ
064950 064959 064967 064959 064962 064964 064966 064967 064971 064976 064977 065017 065022 065028 065035 065051 065071 065088 065096 065100 065136 065157 065185 065214 065243 065272 065301 065330 065359 065388 065417 065446 065475 065504 065533 065562 065591 065620 065649 065678 065707 065736 065765 065794 065823 065852 065881 065910 065939 065968 065997 066026 066055 066084 066113 066142 066171 066200 066229 066258 066287 066316 066345 066374 066403 066432 066461 066490 066519 066548 066577 066606 066635 066664 066693 066722 066751 066780 066809 066838 066867 066896 066925 066954 066983 067012 067041 067070 067099 067128 067157 067186 067215 067244 067273 067302 067331 067360 067389 067418 067447 067476 067505 067534 067563 067592 067621 067650 067679 067708 067737 067766 067795 067824 067853 067882 067911 067940 067969 067998 068027 068056 068085 068114 068143 068172 068201 068230 068259 068288 068317 068346 068375 068404 068433 068462 068491 068520 068549 068578 068607 068636 068665 068694 068723 068752 068781 068810 068839 068868 068897 068926 068955 068984 069013 069042 069071 069100 069129 069158 069187 069216 069245 069274 069303 069332 069361 069390 069419 069448 069477 069506 069535 069564 069593 069622 069651 069680 069709 069738 069767 069796 069825 069854 069883 069912 069941 069970 069999
=১৭৩ জন।
২৮-০৮-২০১১
রবিবার
সকাল ১০:৩০ মিঃ
জেনারেল ও টেকনিক্যাল ক্যাডার ঃ
072275 072284 072309 072454 072458 072459 072462 072463 072489 072501 072511 072521 072525 072547 072554 072576 072594 072621 072648 072675 072702 072729 072756 072783 072810 072837 072864 072891 072918 072945 072972 072999 073026 073053 073080 073107 073134 073161 073188 073215 073242 073269 073296 073323 073350 073377 073404 073431 073458 073485 073512 073539 073566 073593 073620 073647 073674 073701 073728 073755 073782 073809 073836 073863 073890 073917 073944 073971 073998 074025 074052 074079 074106 074133 074160 074187 074214 074241 074268 074295 074322 074349 074376 074403 074430 074457 074484 074511 074538 074565 074592 074619 074646 074673 074700 074727 074754 074781 074808 074835 074862 074889 074916 074943 074970 074997 075024 075051 075078 075105 075132 075159 075186 075213 075240 075267 075294 075321 075348 075375 075402 075429 075456 075483 075510 075537 075564 075591 075618 075645 075672 075699 075726 075753 075780 075807 075834 075861 075888 075915 075942 075969 075996 076023 076050 076077 076104 076131 076158 076185 076212 076239 076266 076293 076320 076347 076374 076401 076428 076455 076482 076509 076536 076563 076590 076617 076644 076671 076698 076725 076752 076779 076806 076833 076860 076887 076914 076941 076968 076995 077022 077049 077076 077103 077130 077157 077184 077211 077238 077265 077292 077319 077346 077373 077400 077427 077454 077481 077508 077535 077562 077589 077616 077643 077670 077697 077724 077751 077778 077805 077832 077859 077886 077913 077940 077967 077994 078021 078048 078075 078102
=১৭৩ জন।
২৯-০৮-২০১১
সোমবার
সকাল ১০:৩০ মিঃ
জেনারেল ও টেকনিক্যাল ক্যাডার ঃ
081958 081974 082497 082503 082524 083518 084029 084349 084351 084428 084434 084464 084503 084526 084549 084572 084595 084618 084641 084664 084687 084710 084733 084756 084779 084802 084825 084848 084871 084894 084917 084940 084963 084986 085009 085032 085055 085078 085101 085124 085147 085170 085193 085216 085239 085262 085285 085308 085331 085354 085377 085400 085423 085446 085469 085492 085515 085538 085561 085584 085607 085630 085653 085676 085699 085722 085745 085768 085791 085814 085837 085860 085883 085906 085929 085952 085975 085998 086021 086044 086067 086090 086113 086136 086159 086182 086205 086228 086251 086274 086297 086320 086343 086366 086389 086412 086435 086458 086481 086504 086527 086550 086573 086596 086619 086642 086665 086688 086711 086734 086757 086780 086803 086826 086849 086872 086895 086918 086941 086964 086987 087010 087033 087056 087079 087102 087125 087148 087171 087194 087217 087240 087263 087286 087309 087332 087355 087378 087401 087424 087447 087470 087493 087516 087539 087562 087585 087608 087631 087654 087677 087700 087723 087746 087769 087792 087815 087838 087861 087884 087907 087930 087953 087976 087999 088022 088045 088068 088091 088114 088137 088160 088183 088206 088229 088252 088275 088298 088321 100053
=১৯৫ জন।
৩০-০৮-২০১১
মঙ্গলবার
সকাল ১০:৩০ মিঃ
জেনারেল ও টেকনিক্যাল ক্যাডার ঃ
100937 100939 100944 101023 101381 101665 102085 102087 102097 102107 102118 102136 102178 102199 102231 102264 102297 102330 102363 102396 102429 102462 102495 102528 102561 102594 102627 102660 102693 102726 102759 102792 102825 102858 102891 102924 102957 102990 103023 103056 103089 103122 103155 103188 103221 103254 103287 103320 103353 103386 103419 103452 103485 103518 103551 103584 103617 103650 103683 103716 103749 103782 103815 103848 103881 103914 103947 103980 104013 104046 104079 104112 104145 104178 104211 104244 104277 104310 104343 104376 104409 104442 104475 104508 104541 104574 104607 104640 104673 104706 104739 104772 104805 104838 104871 104904 104937 104970 105003 105036 105069 105102 105135 105168 105201 105234 105267 105300 105333 105366 105399 105432 105465 105498 105531 105564 105597 105630 105663 105696 105729 105762 105795 105828 105861 105894 105927 105960 105993 106026 106059 106092 106125 106158 106191 106224 106257 106290 106323 106356 106389 106422 106455 106488 106521 106554 106587 106620 106653 106686 106719 106752 106785 106818 106851 106884 106917 106950 106983 107016 107049 107082 107115 107148 107181 107214 107247 107280 107313 107346 107379 107412 107445 107478 107511 107544 107577 107610 107643 107676 107709 107742 107775 107808 107841
=১৭৩ জন।
০৭-০৯-২০১১
বুধবার
সকাল ১০:৩০ মিঃ
জেনারেল ও টেকনিক্যাল ক্যাডার ঃ
210420 210496 210512 210564 210563 210850 210880 211133 211156 211171 211184 211194 211196 211210 211225 211242 211257 211268 211285 211299 211314 211338 211364 211391 211418 211445 211472 211499 211526 211553 211580 211607 211634 211661 211688 211715 211742 211769 211796 211823 211850 211877 211904 211931 211958 211985 212012 212039 212066 212093 212120 212147 212174 212201 212228 212255 212282 212309 212336 212363 212390 212417 212444 212471 212498 212525 212552 212579 212606 212633 212660 212687 212714 212741 212768 212795 212822 212849 212876 212903 212930 212957 212984 213011 213038 213065 213092 213119 213146 213173 213200 213227 213254 213281 213308 213335 213362 213389 213416 213443 213470 213497 213524 213551 213578 213605 213632 213659 213686 213713 213740 213767 213794 213821 213848 213875 213902 213929 213956 213983 214010 214037 214064 214091 214118 214145 214172 214199 214226 214253 214280 214307 214334 214361 214388 214415 214442 214469 214496 214523 214550 214577 214604 214631 214658 214685 214712 214739 214766 214793 214820 214847 214874 214901 214928 214955 214982 215009 215036 215063 215090 215117 215144 215171 215198 215225 215252 215279 215306 215333 215360 215387 215414 215441 215468 215495 215522 215549 215576 215603 215630 215657 215684 215711 215738 215765 215792 215819 215846 215873 215900 215927 215954 215981
=১৭৩ জন।
০৮-০৯-২০১১
বৃহস্পতিবার
সকাল ১০:৩০ মিঃ
জেনারেল ও টেকনিক্যাল ক্যাডার ঃ
307652 307660 307679 308971 309002 309017 309030 309171 309180 309190 309204 309226 309251 309277 309303 309329 309355 309381 309407 309433 309459 309485 309511 309537 309563 309589 309615 309641 309667 309693 309719 309745 309771 309797 309823 309849 309875 309901 309927 309953 309979 310005 310031 310057 310083 310109 310135 310161 310187 310213 310239 310265 310291 310317 310343 310369 310395 310421 310447 310473 310499 310525 310551 310577 310603 310629 310655 310681 310707 310733 310759 310785 310811 310837 310863 310889 310915 310941 310967 310993 311019 311045 311071 311097 311123 311149 311175 311201 311227 311253 311279 311305 311331 311357 311383 311409 311435 311461 311487 311513 311539 311565 311591 311617 311643 311669 311695 311721 311747 311773 311799 311825 311851 311877 311903 311929 311955 311981 312007 312033 312059 312085 312111 312137 312163 312189 312215 312241 312267 312293 312319 312345 312371 312397 312423 312449 312475 312501 312527 312553 312579 312605 312631 312657 312683 312709 312735 312761 312787 312813 312839 312865 312891 312917 312943 312969 312995 313021 313047 313073 313099 313125 313151 313177 313203 313229 313255 313281 313307 313333 313359 313385 313411 313437 313463 313489 313515 313541 313567 313593 313619 313645 313671 313697 313723 313749 313775 313801 313827 313853 313879 313905 313931 313957 313983 314009 314035 314061 314087 314113 500332 500518 500532 501266 501418
=১৭৩ জন।

(১) উল্লিখিত প্রার্থীদের নামে ডাকযোগে মৌখিক পরীক্ষার প্রবেশপত্র প্রেরণ করা হচ্ছে। যদি কোন প্রার্থী মৌখিক পরীক্ষার নির্ধারিত তারিখের ৩ দিন পূর্বে প্রবেশপত্র না পেয়ে থাকেন তবে তিনি ২ কপি পাসপোর্ট সাইজের সত্যায়িত ছবিসহ কমিশনের প্রধান কার্যালয়ের সাথে যোগাযোগ করে ডুপ্লিকেট প্রবেশপত্র সংগ্রহ করবেন।

(২) সাক্ষাৎকার পত্রে উল্লিখিত অনুচ্ছেদ ও উল্লিখিত সকল কাগজপত্র/সনদপত্র/প্রমাণকসমূহের মূলকপি এবং একসেট সত্যায়িত ফটোকপি অবশ্যই মৌখিক পরীক্ষার দিন সঙ্গে আনতে হবে। অন্যথায় মৌখিক পরীক্ষা গ্রহণ করা হবে না।

(৩) বিজ্ঞাপিত কোন পদের জন্য নির্ধারিত বিশেষ যোগ্যতার প্রমাণস্বরূপ মূল সনদপত্র ও সত্যায়িত কপি মৌখিক পরীক্ষার দিন জমা দিতে হবে। সংশ্লিষ্ট প্রার্থীগণকে সরকারী চাকুরীতে নিয়োজিত থাকলে যথাযথ কর্তৃপক্ষের অনাপত্তিপত্র দাখিল করতে হবে।

(৪) সাক্ষাৎকার পত্রের ৩(খ) নং অনুচ্ছেদ অনুযায়ী সংশ্লিষ্ট প্রার্থীকে মৌখিক পরীক্ষার দিন যথাযথ কর্তৃপক্ষের সীলমুক্ত প্রত্যয়নপত্র জমা দিতে হবে।

(৫) সাক্ষাৎকারপত্রের ৩(ক) অনুচ্ছেদের পরিচ্ছেদে সোনালী ব্যাংক থেকে আবেদনপত্র ক্রয় রশিদের মূলকপি অবশ্যই মৌখিক পরীক্ষার বোর্ডে দাখিল করতে হবে; অন্যথায় মৌখিক পরীক্ষা গ্রহণ করা হবে না।

(৬) উত্তরা, বিসিএস (লিখিত) পরীক্ষায় উত্তীর্ণ প্রার্থীদের মৌখিক পরীক্ষার সময়সূচী পর্যায়ক্রমে পরবর্তীতে দৈনিক পত্রিকায় প্রকাশ করা হবে। বিস্তারিত তথ্য কমিশনের ওয়েবসাইট www.bpsc.gov.bd পাওয়া যাবে।

(আ,ই,ম, নেছার উদ্দিন)
পরীক্ষা নিয়ন্ত্রক (ক্যাডার)
GD-3023
পত্রালাপ এবং আবেদনের মাধ্যমে তাড়াতাড়ি চাকুরী প্রাপ্তির নিশ্চয়তা প্রদানকারী প্রতারক চক্র হতে সাবধান থাকুন।
